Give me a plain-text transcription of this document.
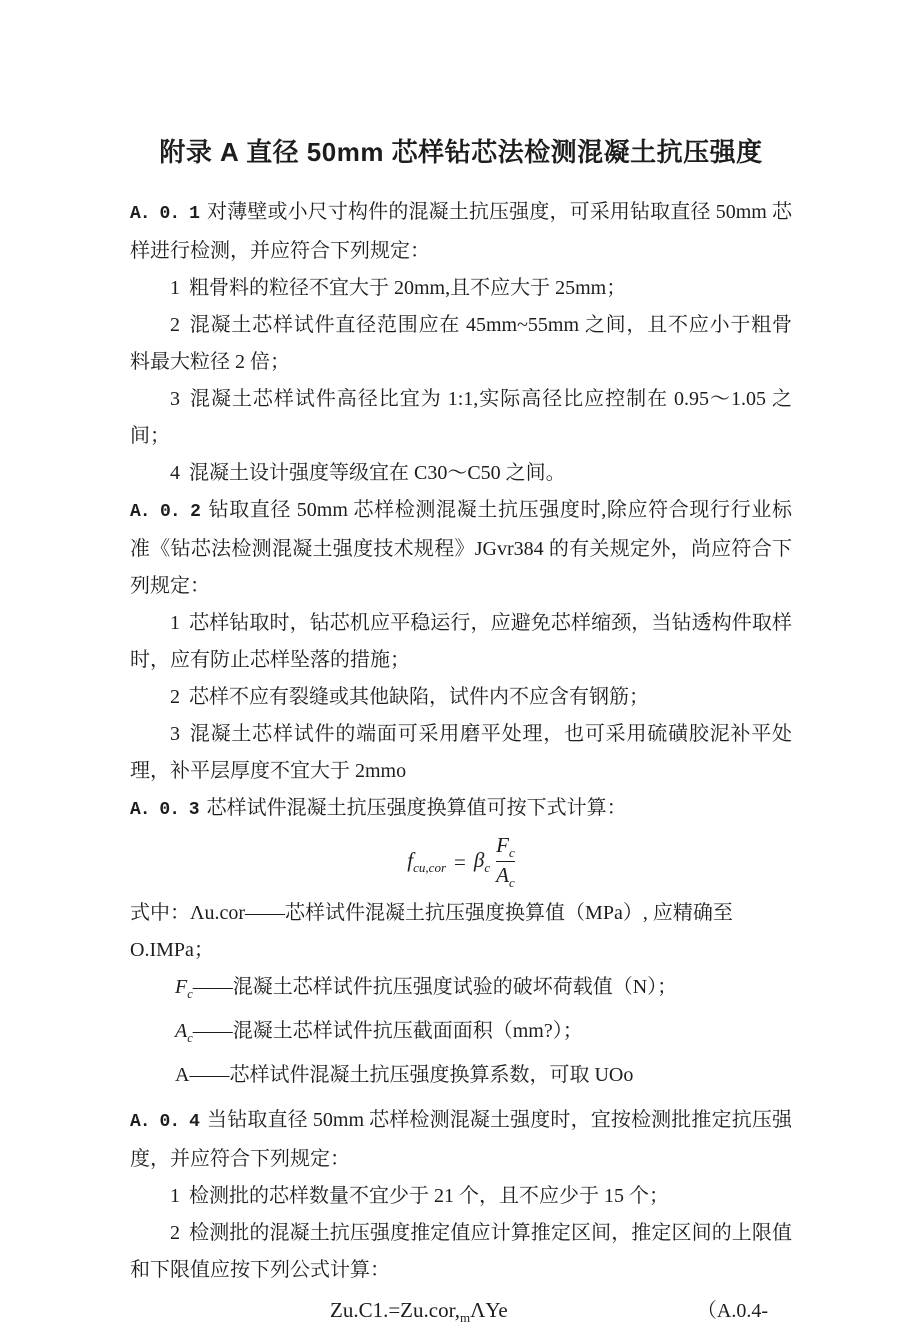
附录 A 直径 50mm 芯样钻芯法检测混凝土抗压强度

A. 0. 1 对薄壁或小尺寸构件的混凝土抗压强度，可采用钻取直径 50mm 芯样进行检测，并应符合下列规定：

1 粗骨料的粒径不宜大于 20mm,且不应大于 25mm；

2 混凝土芯样试件直径范围应在 45mm~55mm 之间，且不应小于粗骨料最大粒径 2 倍；

3 混凝土芯样试件高径比宜为 1:1,实际高径比应控制在 0.95～1.05 之间；

4 混凝土设计强度等级宜在 C30～C50 之间。

A. 0. 2 钻取直径 50mm 芯样检测混凝土抗压强度时,除应符合现行行业标准《钻芯法检测混凝土强度技术规程》JGvr384 的有关规定外，尚应符合下列规定：

1 芯样钻取时，钻芯机应平稳运行，应避免芯样缩颈，当钻透构件取样时，应有防止芯样坠落的措施；

2 芯样不应有裂缝或其他缺陷，试件内不应含有钢筋；

3 混凝土芯样试件的端面可采用磨平处理，也可采用硫磺胶泥补平处理，补平层厚度不宜大于 2mmo

A. 0. 3 芯样试件混凝土抗压强度换算值可按下式计算：

$f_{cu,cor} = \beta_c \frac{F_c}{A_c}$

式中：Λu.cor——芯样试件混凝土抗压强度换算值（MPa）, 应精确至 O.IMPa；

$F_c——$混凝土芯样试件抗压强度试验的破坏荷载值（N）；

$A_c——$混凝土芯样试件抗压截面面积（mm?）；

A——芯样试件混凝土抗压强度换算系数，可取 UOo

A. 0. 4 当钻取直径 50mm 芯样检测混凝土强度时，宜按检测批推定抗压强度，并应符合下列规定：

1 检测批的芯样数量不宜少于 21 个，且不应少于 15 个；

2 检测批的混凝土抗压强度推定值应计算推定区间，推定区间的上限值和下限值应按下列公式计算：

$Zu.C1.=Zu.cor,_m\Lambda Ye$	（A.0.4-
